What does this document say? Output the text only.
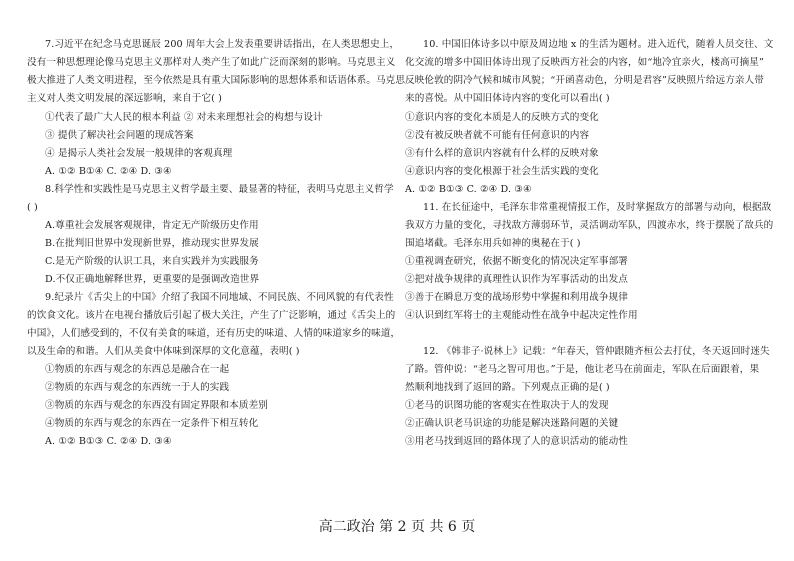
7.习近平在纪念马克思诞辰 200 周年大会上发表重要讲话指出，在人类思想史上，
没有一种思想理论像马克思主义那样对人类产生了如此广泛而深刻的影响。马克思主义
极大推进了人类文明进程，至今依然是具有重大国际影响的思想体系和话语体系。马克思
主义对人类文明发展的深远影响，来自于它( )
①代表了最广大人民的根本利益 ② 对未来理想社会的构想与设计
③ 提供了解决社会问题的现成答案
④ 是揭示人类社会发展一般规律的客观真理
A. ①② B①④ C. ②④ D. ③④
8.科学性和实践性是马克思主义哲学最主要、最显著的特征，表明马克思主义哲学
( )
A.尊重社会发展客观规律，肯定无产阶级历史作用
B.在批判旧世界中发现新世界，推动现实世界发展
C.是无产阶级的认识工具，来自实践并为实践服务
D.不仅正确地解释世界，更重要的是强调改造世界
9.纪录片《舌尖上的中国》介绍了我国不同地域、不同民族、不同风貌的有代表性
的饮食文化。该片在电视台播放后引起了极大关注，产生了广泛影响，通过《舌尖上的
中国》，人们感受到的，不仅有美食的味道，还有历史的味道、人情的味道家乡的味道，
以及生命的和谐。人们从美食中体味到深厚的文化意蕴，表明( )
①物质的东西与观念的东西总是融合在一起
②物质的东西与观念的东西统一于人的实践
③物质的东西与观念的东西没有固定界限和本质差别
④物质的东西与观念的东西在一定条件下相互转化
A. ①② B①③ C. ②④ D. ③④
10. 中国旧体诗多以中原及周边地 x 的生活为题材。进入近代，随着人员交往、文
化交流的增多中国旧体诗出现了反映西方社会的内容，如“地冷宜亲火，楼高可摘星”
反映伦敦的阴冷气候和城市风貌；“开函喜动色，分明是君容”反映照片给远方亲人带
来的喜悦。从中国旧体诗内容的变化可以看出( )
①意识内容的变化本质是人的反映方式的变化
②没有被反映者就不可能有任何意识的内容
③有什么样的意识内容就有什么样的反映对象
④意识内容的变化根源于社会生活实践的变化
A. ①② B①③ C. ②④ D. ③④
11. 在长征途中，毛泽东非常重视情报工作，及时掌握敌方的部署与动向，根据敌
我双方力量的变化，寻找敌方薄弱环节，灵活调动军队，四渡赤水，终于摆脱了敌兵的
围追堵截。毛泽东用兵如神的奥秘在于( )
①重视调查研究，依据不断变化的情况决定军事部署
②把对战争规律的真理性认识作为军事活动的出发点
③善于在瞬息万变的战场形势中掌握和利用战争规律
④认识到红军将士的主观能动性在战争中起决定性作用
12. 《韩非子·说林上》记载：“年春天，管仲跟随齐桓公去打仗，冬天返回时迷失
了路。管仲说：“老马之智可用也。”于是，他让老马在前面走，军队在后面跟着，果
然顺利地找到了返回的路。下列观点正确的是( )
①老马的识图功能的客观实在性取决于人的发现
②正确认识老马识途的功能是解决迷路问题的关键
③用老马找到返回的路体现了人的意识活动的能动性
高二政治 第 2 页 共 6 页
